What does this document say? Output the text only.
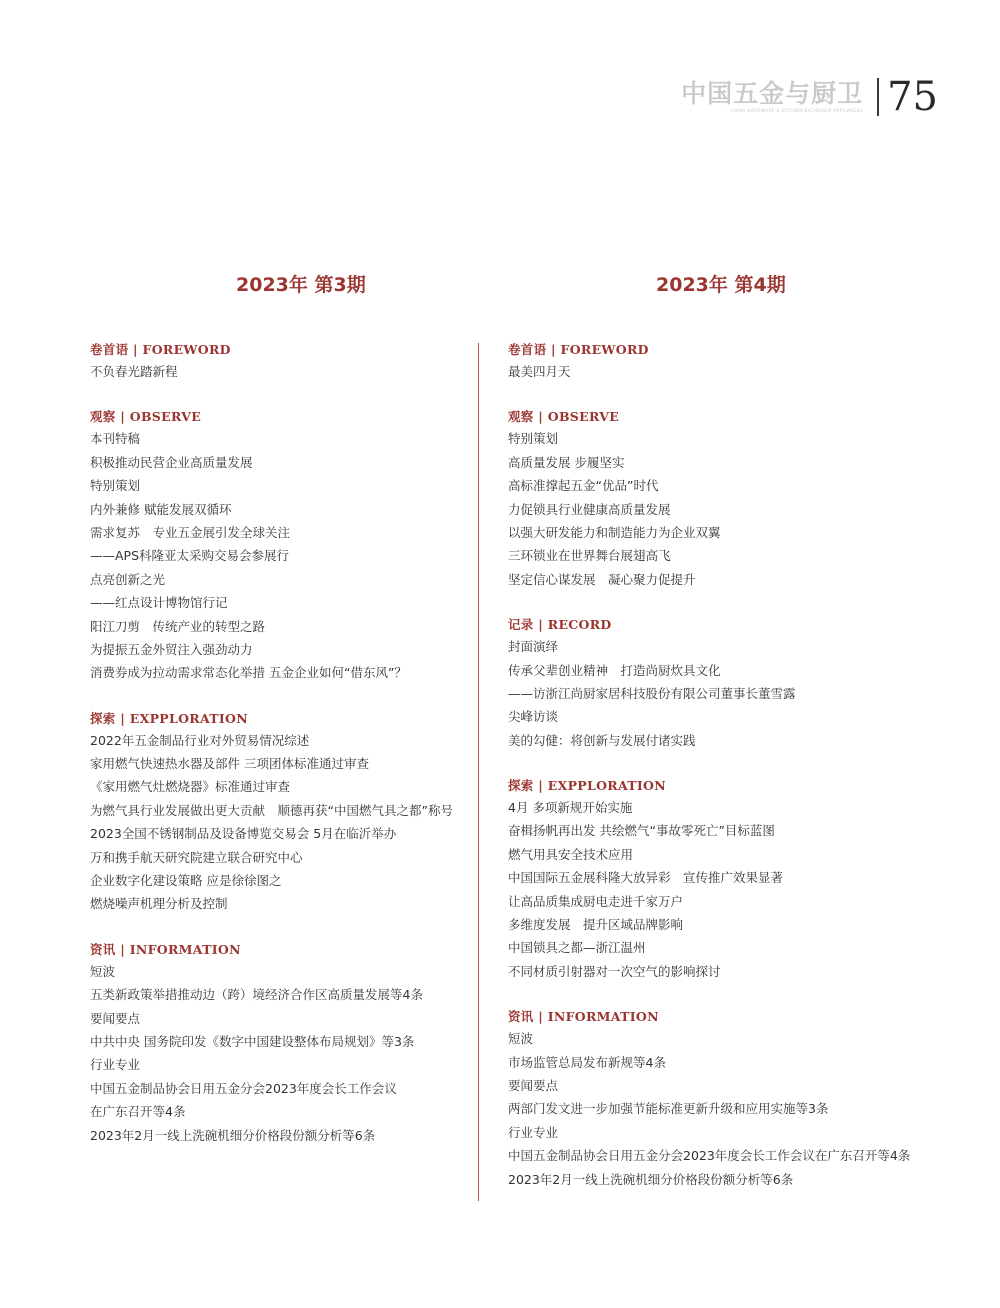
中国五金与厨卫
CHINA HARDWARE & KITCHEN/BATHROOM APPLIANCES 75
2023年 第3期	2023年 第4期
卷首语 | FOREWORD
不负春光踏新程
观察 | OBSERVE
本刊特稿
积极推动民营企业高质量发展
特别策划
内外兼修 赋能发展双循环
需求复苏　专业五金展引发全球关注
——APS科隆亚太采购交易会参展行
点亮创新之光
——红点设计博物馆行记
阳江刀剪　传统产业的转型之路
为提振五金外贸注入强劲动力
消费券成为拉动需求常态化举措 五金企业如何“借东风”？
探索 | EXPPLORATION
2022年五金制品行业对外贸易情况综述
家用燃气快速热水器及部件 三项团体标准通过审查
《家用燃气灶燃烧器》标准通过审查
为燃气具行业发展做出更大贡献　顺德再获“中国燃气具之都”称号
2023全国不锈钢制品及设备博览交易会 5月在临沂举办
万和携手航天研究院建立联合研究中心
企业数字化建设策略 应是徐徐图之
燃烧噪声机理分析及控制
资讯 | INFORMATION
短波
五类新政策举措推动边（跨）境经济合作区高质量发展等4条
要闻要点
中共中央 国务院印发《数字中国建设整体布局规划》等3条
行业专业
中国五金制品协会日用五金分会2023年度会长工作会议
在广东召开等4条
2023年2月一线上洗碗机细分价格段份额分析等6条
卷首语 | FOREWORD
最美四月天
观察 | OBSERVE
特别策划
高质量发展 步履坚实
高标准撑起五金“优品”时代
力促锁具行业健康高质量发展
以强大研发能力和制造能力为企业双翼
三环锁业在世界舞台展翅高飞
坚定信心谋发展　凝心聚力促提升
记录 | RECORD
封面演绎
传承父辈创业精神　打造尚厨炊具文化
——访浙江尚厨家居科技股份有限公司董事长董雪露
尖峰访谈
美的勾健：将创新与发展付诸实践
探索 | EXPPLORATION
4月 多项新规开始实施
奋楫扬帆再出发 共绘燃气“事故零死亡”目标蓝图
燃气用具安全技术应用
中国国际五金展科隆大放异彩　宣传推广效果显著
让高品质集成厨电走进千家万户
多维度发展　提升区域品牌影响
中国锁具之都—浙江温州
不同材质引射器对一次空气的影响探讨
资讯 | INFORMATION
短波
市场监管总局发布新规等4条
要闻要点
两部门发文进一步加强节能标准更新升级和应用实施等3条
行业专业
中国五金制品协会日用五金分会2023年度会长工作会议在广东召开等4条
2023年2月一线上洗碗机细分价格段份额分析等6条
